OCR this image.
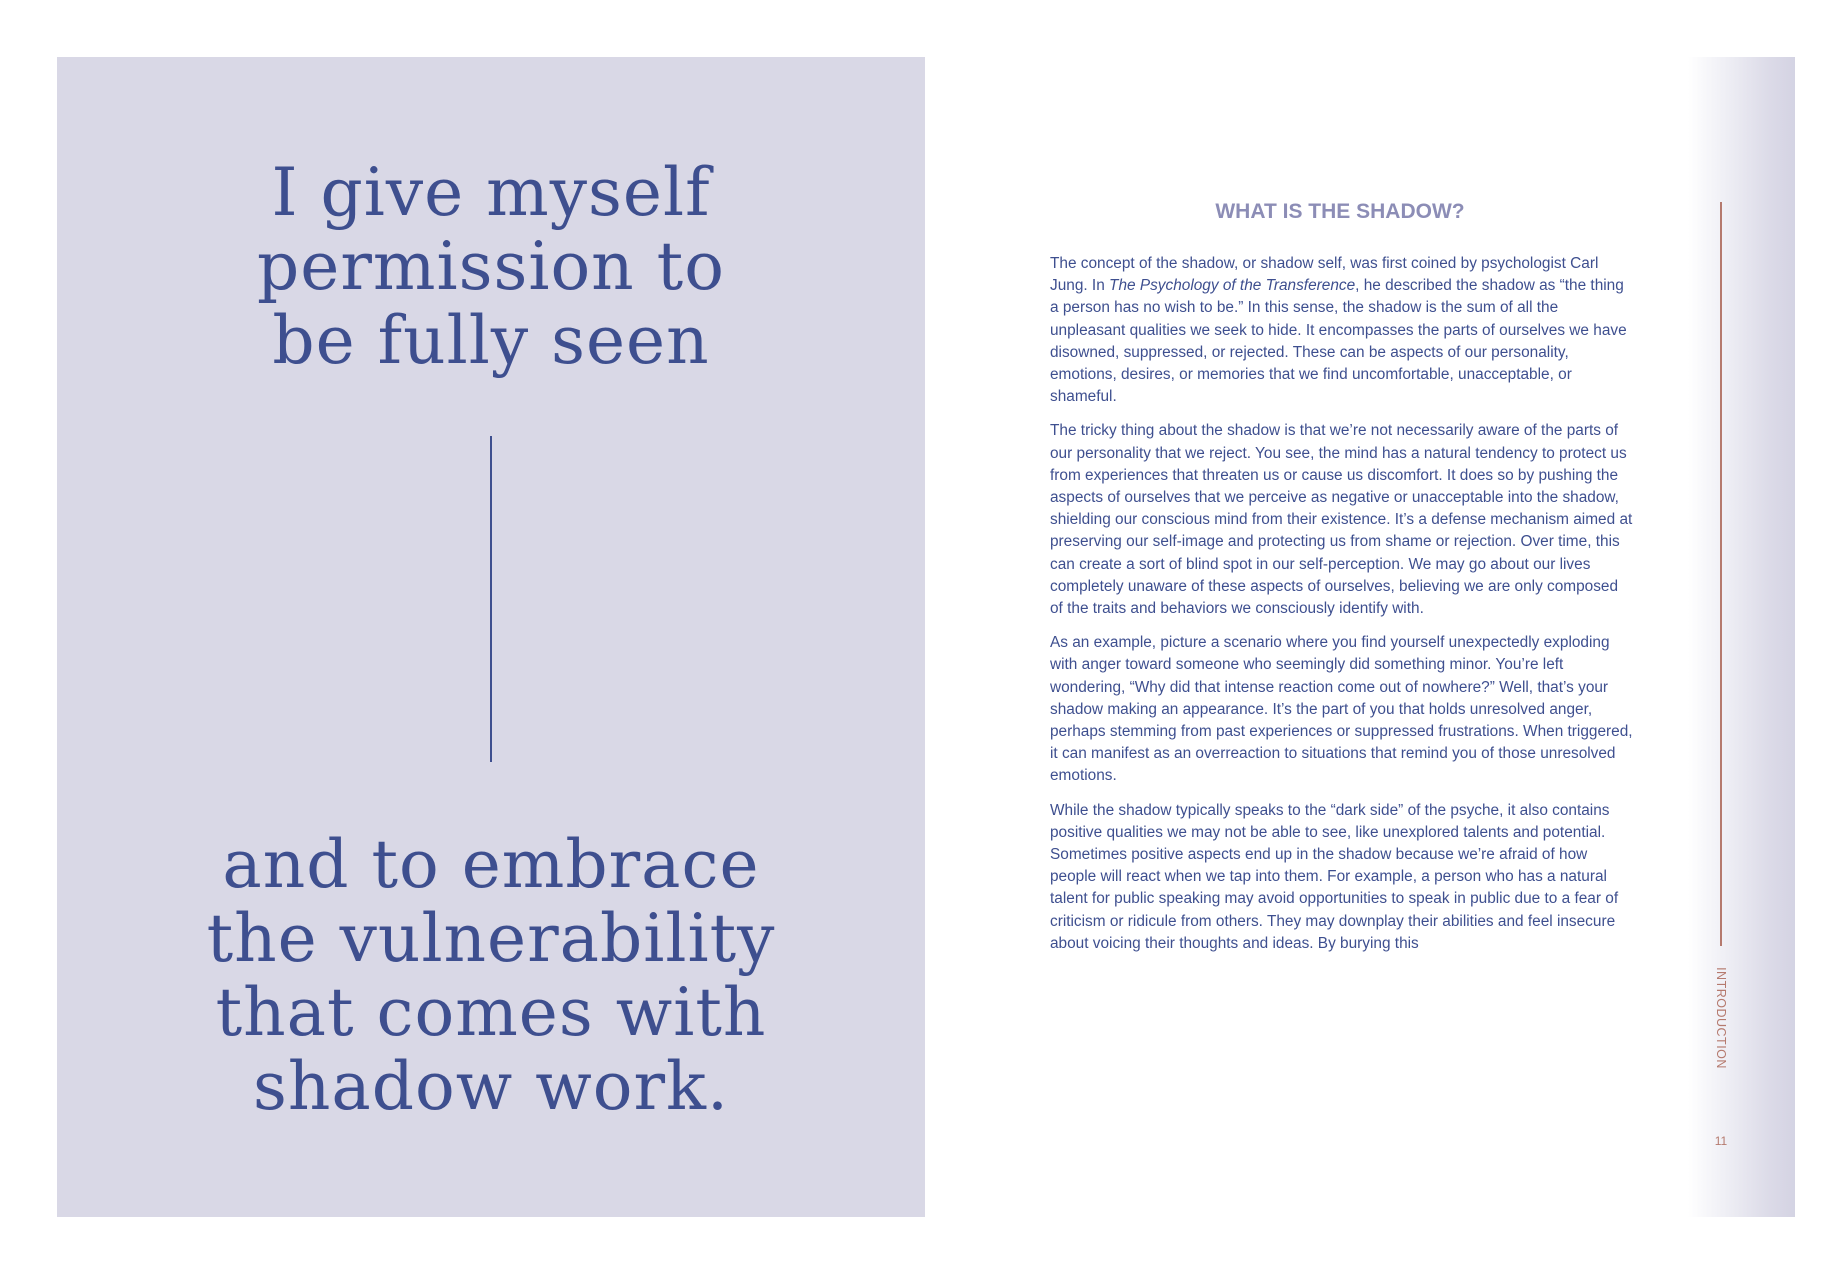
I give myself
permission to
be fully seen
and to embrace
the vulnerability
that comes with
shadow work.
WHAT IS THE SHADOW?

The concept of the shadow, or shadow self, was first coined by psychologist Carl Jung. In The Psychology of the Transference, he described the shadow as “the thing a person has no wish to be.” In this sense, the shadow is the sum of all the unpleasant qualities we seek to hide. It encompasses the parts of ourselves we have disowned, suppressed, or rejected. These can be aspects of our personality, emotions, desires, or memories that we find uncomfortable, unacceptable, or shameful.

The tricky thing about the shadow is that we’re not necessarily aware of the parts of our personality that we reject. You see, the mind has a natural tendency to protect us from experiences that threaten us or cause us discomfort. It does so by pushing the aspects of ourselves that we perceive as negative or unacceptable into the shadow, shielding our conscious mind from their existence. It’s a defense mechanism aimed at preserving our self-image and protecting us from shame or rejection. Over time, this can create a sort of blind spot in our self-perception. We may go about our lives completely unaware of these aspects of ourselves, believing we are only composed of the traits and behaviors we consciously identify with.

As an example, picture a scenario where you find yourself unexpectedly exploding with anger toward someone who seemingly did something minor. You’re left wondering, “Why did that intense reaction come out of nowhere?” Well, that’s your shadow making an appearance. It’s the part of you that holds unresolved anger, perhaps stemming from past experiences or suppressed frustrations. When triggered, it can manifest as an overreaction to situations that remind you of those unresolved emotions.

While the shadow typically speaks to the “dark side” of the psyche, it also contains positive qualities we may not be able to see, like unexplored talents and potential. Sometimes positive aspects end up in the shadow because we’re afraid of how people will react when we tap into them. For example, a person who has a natural talent for public speaking may avoid opportunities to speak in public due to a fear of criticism or ridicule from others. They may downplay their abilities and feel insecure about voicing their thoughts and ideas. By burying this

INTRODUCTION
11
